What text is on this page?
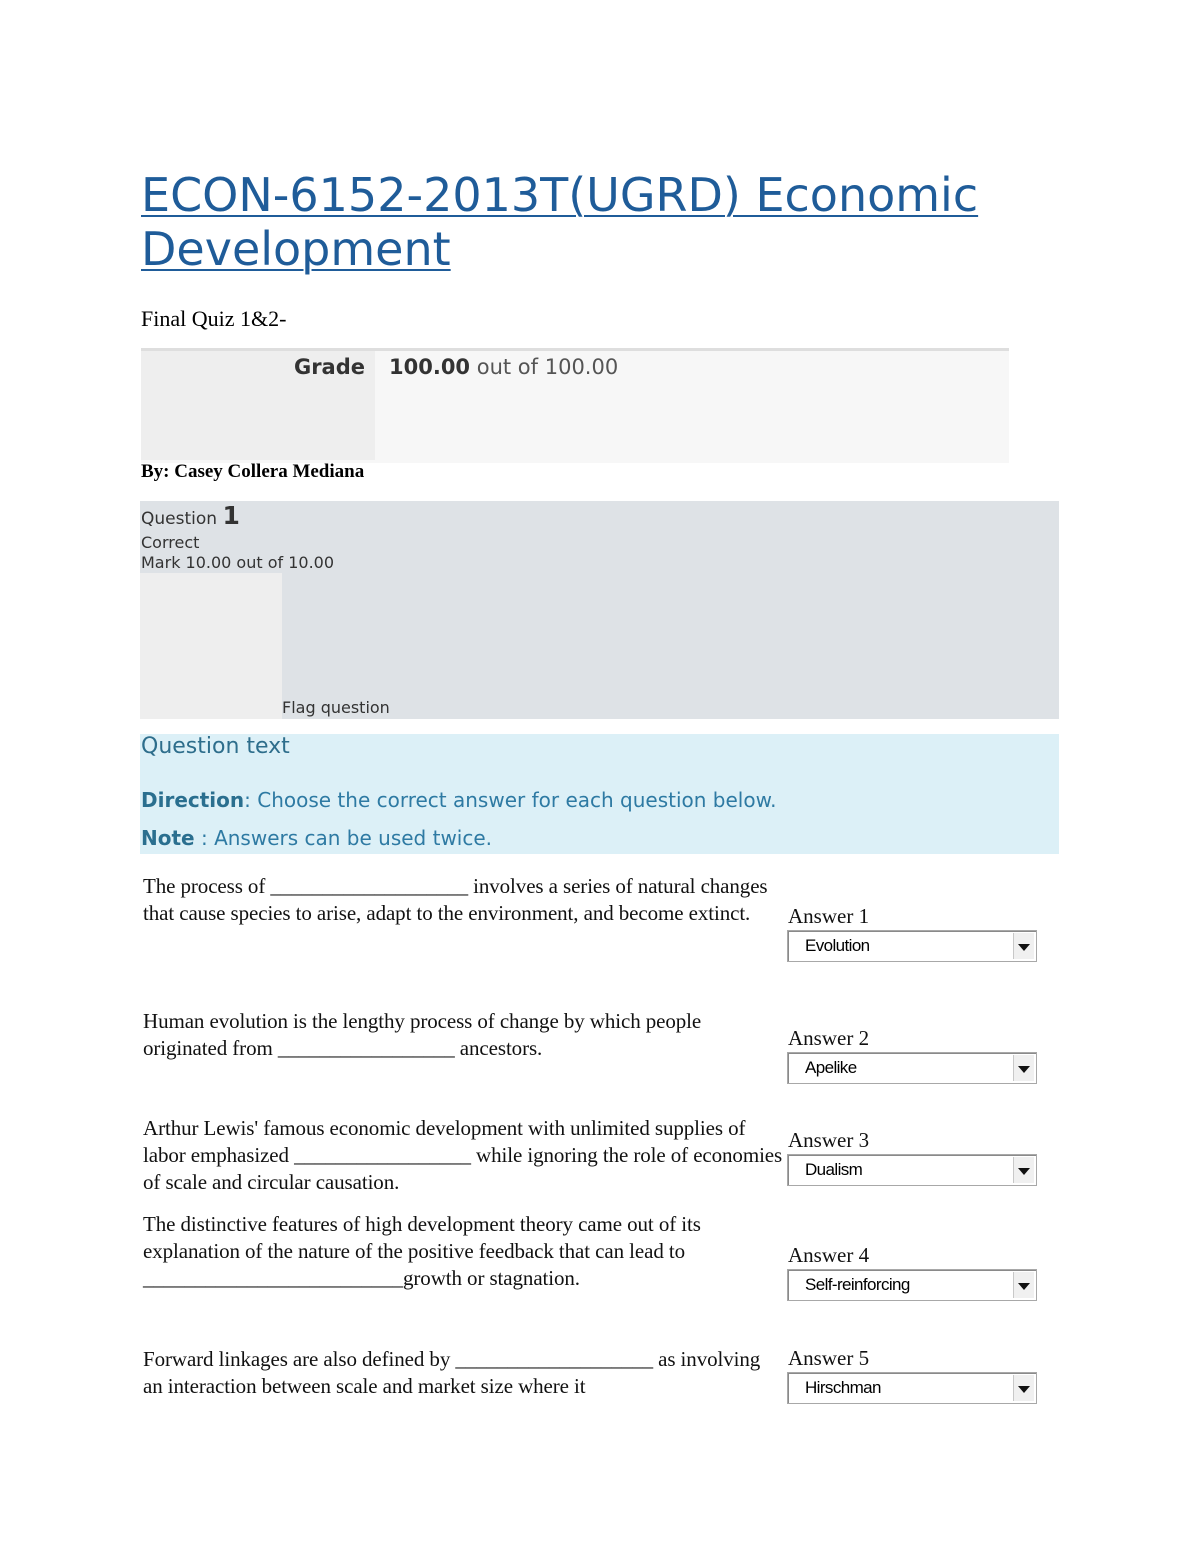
ECON-6152-2013T(UGRD) Economic Development
Final Quiz 1&2-
Grade 100.00 out of 100.00
By: Casey Collera Mediana
Question 1
Correct
Mark 10.00 out of 10.00
Flag question
Question text
Direction: Choose the correct answer for each question below.
Note : Answers can be used twice.
The process of ___________________ involves a series of natural changes that cause species to arise, adapt to the environment, and become extinct.	Answer 1
Evolution
Human evolution is the lengthy process of change by which people originated from _________________ ancestors.	Answer 2
Apelike
Arthur Lewis' famous economic development with unlimited supplies of labor emphasized _________________ while ignoring the role of economies of scale and circular causation.
Answer 3
Dualism
The distinctive features of high development theory came out of its explanation of the nature of the positive feedback that can lead to _________________________growth or stagnation.
Answer 4
Self-reinforcing
Forward linkages are also defined by ___________________ as involving an interaction between scale and market size where it
Answer 5
Hirschman
